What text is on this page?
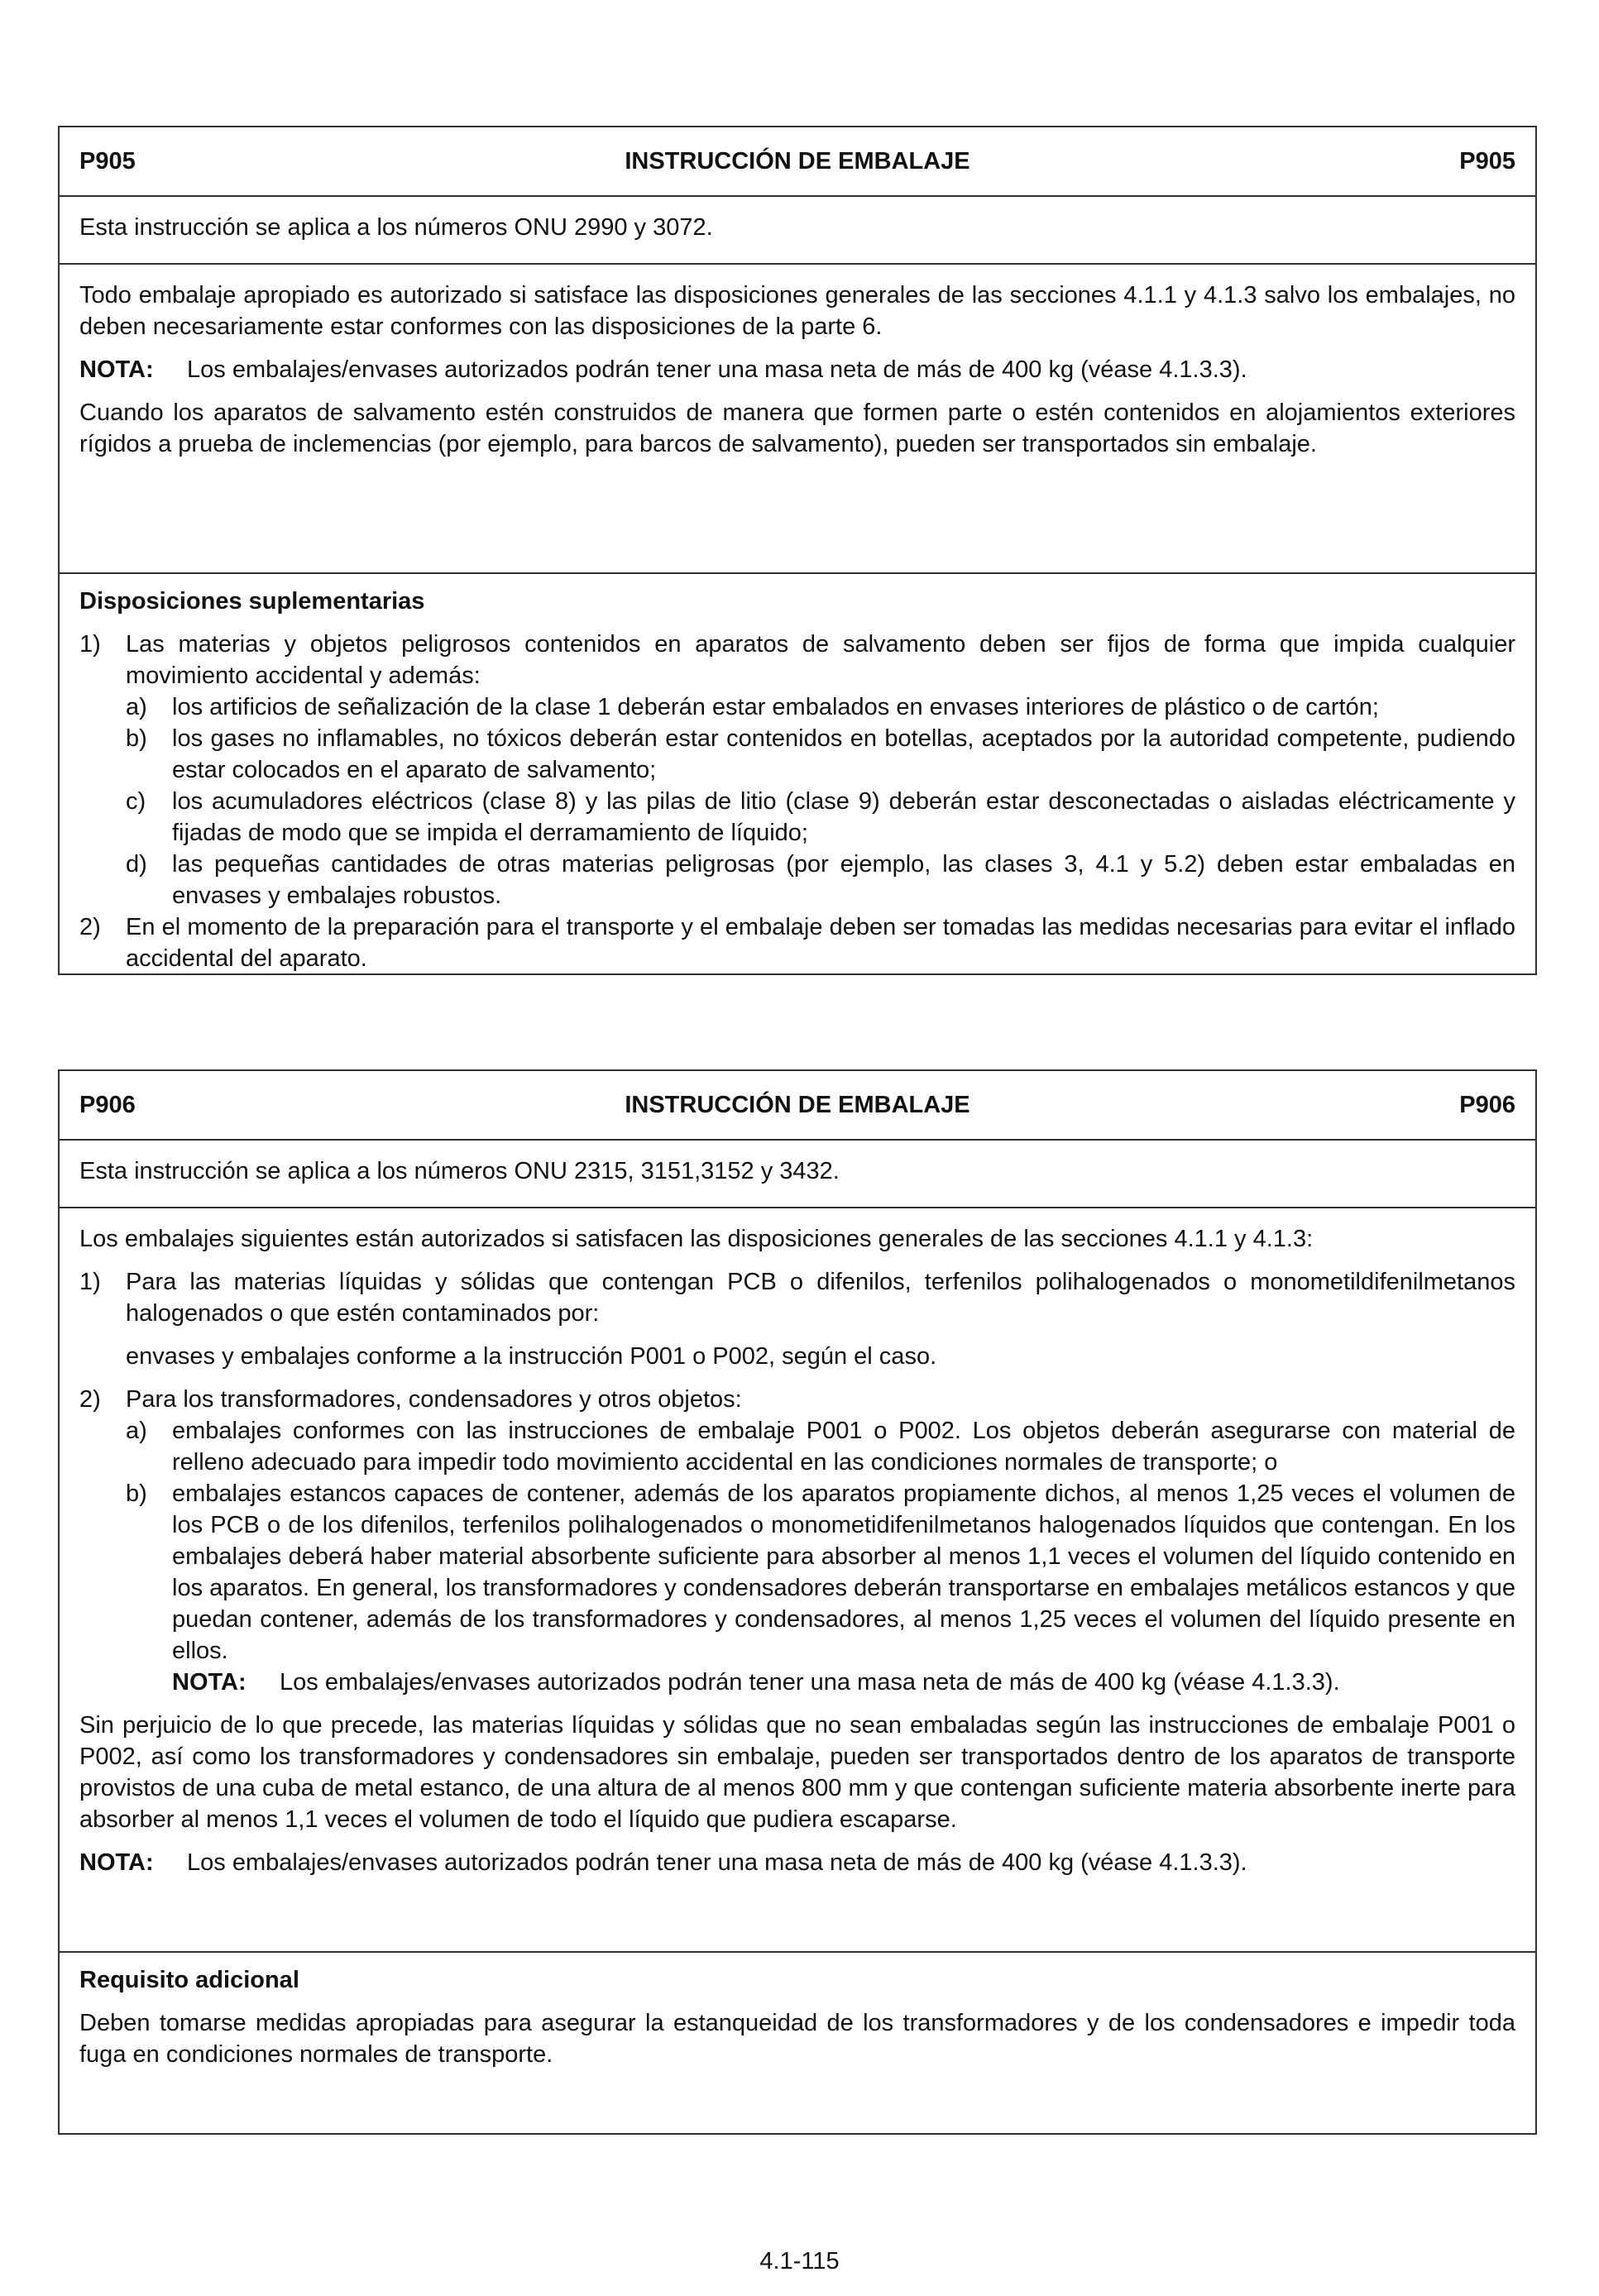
P905	INSTRUCCIÓN DE EMBALAJE	P905

Esta instrucción se aplica a los números ONU 2990 y 3072.

Todo embalaje apropiado es autorizado si satisface las disposiciones generales de las secciones 4.1.1 y 4.1.3 salvo los embalajes, no deben necesariamente estar conformes con las disposiciones de la parte 6.

NOTA:	Los embalajes/envases autorizados podrán tener una masa neta de más de 400 kg (véase 4.1.3.3).

Cuando los aparatos de salvamento estén construidos de manera que formen parte o estén contenidos en alojamientos exteriores rígidos a prueba de inclemencias (por ejemplo, para barcos de salvamento), pueden ser transportados sin embalaje.

Disposiciones suplementarias

1)	Las materias y objetos peligrosos contenidos en aparatos de salvamento deben ser fijos de forma que impida cualquier movimiento accidental y además:
a)	los artificios de señalización de la clase 1 deberán estar embalados en envases interiores de plástico o de cartón;
b)	los gases no inflamables, no tóxicos deberán estar contenidos en botellas, aceptados por la autoridad competente, pudiendo estar colocados en el aparato de salvamento;
c)	los acumuladores eléctricos (clase 8) y las pilas de litio (clase 9) deberán estar desconectadas o aisladas eléctricamente y fijadas de modo que se impida el derramamiento de líquido;
d)	las pequeñas cantidades de otras materias peligrosas (por ejemplo, las clases 3, 4.1 y 5.2) deben estar embaladas en envases y embalajes robustos.
2)	En el momento de la preparación para el transporte y el embalaje deben ser tomadas las medidas necesarias para evitar el inflado accidental del aparato.
P906	INSTRUCCIÓN DE EMBALAJE	P906

Esta instrucción se aplica a los números ONU 2315, 3151,3152 y 3432.

Los embalajes siguientes están autorizados si satisfacen las disposiciones generales de las secciones 4.1.1 y 4.1.3:

1)	Para las materias líquidas y sólidas que contengan PCB o difenilos, terfenilos polihalogenados o monometildifenilmetanos halogenados o que estén contaminados por:

envases y embalajes conforme a la instrucción P001 o P002, según el caso.

2)	Para los transformadores, condensadores y otros objetos:
a)	embalajes conformes con las instrucciones de embalaje P001 o P002. Los objetos deberán asegurarse con material de relleno adecuado para impedir todo movimiento accidental en las condiciones normales de transporte; o
b)	embalajes estancos capaces de contener, además de los aparatos propiamente dichos, al menos 1,25 veces el volumen de los PCB o de los difenilos, terfenilos polihalogenados o monometidifenilmetanos halogenados líquidos que contengan. En los embalajes deberá haber material absorbente suficiente para absorber al menos 1,1 veces el volumen del líquido contenido en los aparatos. En general, los transformadores y condensadores deberán transportarse en embalajes metálicos estancos y que puedan contener, además de los transformadores y condensadores, al menos 1,25 veces el volumen del líquido presente en ellos.
NOTA:	Los embalajes/envases autorizados podrán tener una masa neta de más de 400 kg (véase 4.1.3.3).

Sin perjuicio de lo que precede, las materias líquidas y sólidas que no sean embaladas según las instrucciones de embalaje P001 o P002, así como los transformadores y condensadores sin embalaje, pueden ser transportados dentro de los aparatos de transporte provistos de una cuba de metal estanco, de una altura de al menos 800 mm y que contengan suficiente materia absorbente inerte para absorber al menos 1,1 veces el volumen de todo el líquido que pudiera escaparse.

NOTA:	Los embalajes/envases autorizados podrán tener una masa neta de más de 400 kg (véase 4.1.3.3).

Requisito adicional

Deben tomarse medidas apropiadas para asegurar la estanqueidad de los transformadores y de los condensadores e impedir toda fuga en condiciones normales de transporte.

4.1-115
